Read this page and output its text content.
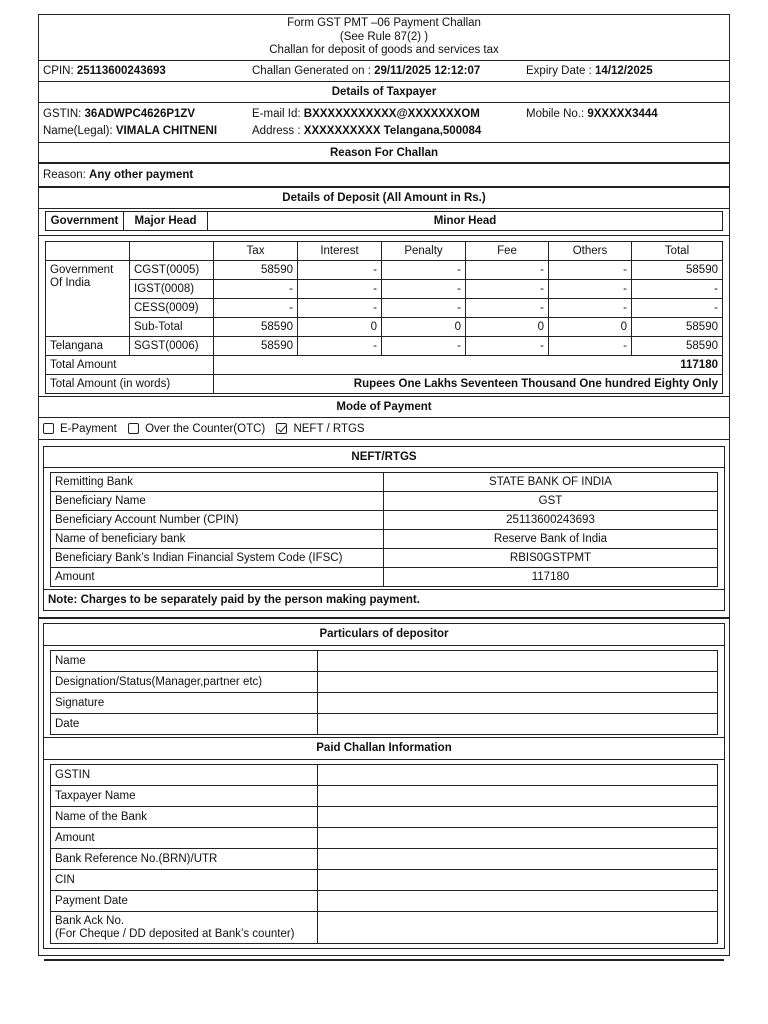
Form GST PMT –06 Payment Challan
(See Rule 87(2) )
Challan for deposit of goods and services tax
CPIN: 25113600243693	Challan Generated on : 29/11/2025 12:12:07	Expiry Date : 14/12/2025
Details of Taxpayer
GSTIN: 36ADWPC4626P1ZV	E-mail Id: BXXXXXXXXXXX@XXXXXXXOM	Mobile No.: 9XXXXX3444
Name(Legal): VIMALA CHITNENI	Address : XXXXXXXXXX Telangana,500084
Reason For Challan
Reason: Any other payment
Details of Deposit (All Amount in Rs.)
Government	Major Head	Minor Head
		Tax	Interest	Penalty	Fee	Others	Total
Government Of India	CGST(0005)	58590	-	-	-	-	58590
	IGST(0008)	-	-	-	-	-	-
	CESS(0009)	-	-	-	-	-	-
	Sub-Total	58590	0	0	0	0	58590
Telangana	SGST(0006)	58590	-	-	-	-	58590
Total Amount		117180					
Total Amount (in words)		Rupees One Lakhs Seventeen Thousand One hundred Eighty Only					
Mode of Payment
E-Payment Over the Counter(OTC) NEFT / RTGS
NEFT/RTGS
Remitting Bank	STATE BANK OF INDIA
Beneficiary Name	GST
Beneficiary Account Number (CPIN)	25113600243693
Name of beneficiary bank	Reserve Bank of India
Beneficiary Bank’s Indian Financial System Code (IFSC)	RBIS0GSTPMT
Amount	117180
Note: Charges to be separately paid by the person making payment.
Particulars of depositor
Name	
Designation/Status(Manager,partner etc)	
Signature	
Date	
Paid Challan Information
GSTIN	
Taxpayer Name	
Name of the Bank	
Amount	
Bank Reference No.(BRN)/UTR	
CIN	
Payment Date	

Bank Ack No.
(For Cheque / DD deposited at Bank’s counter)	
